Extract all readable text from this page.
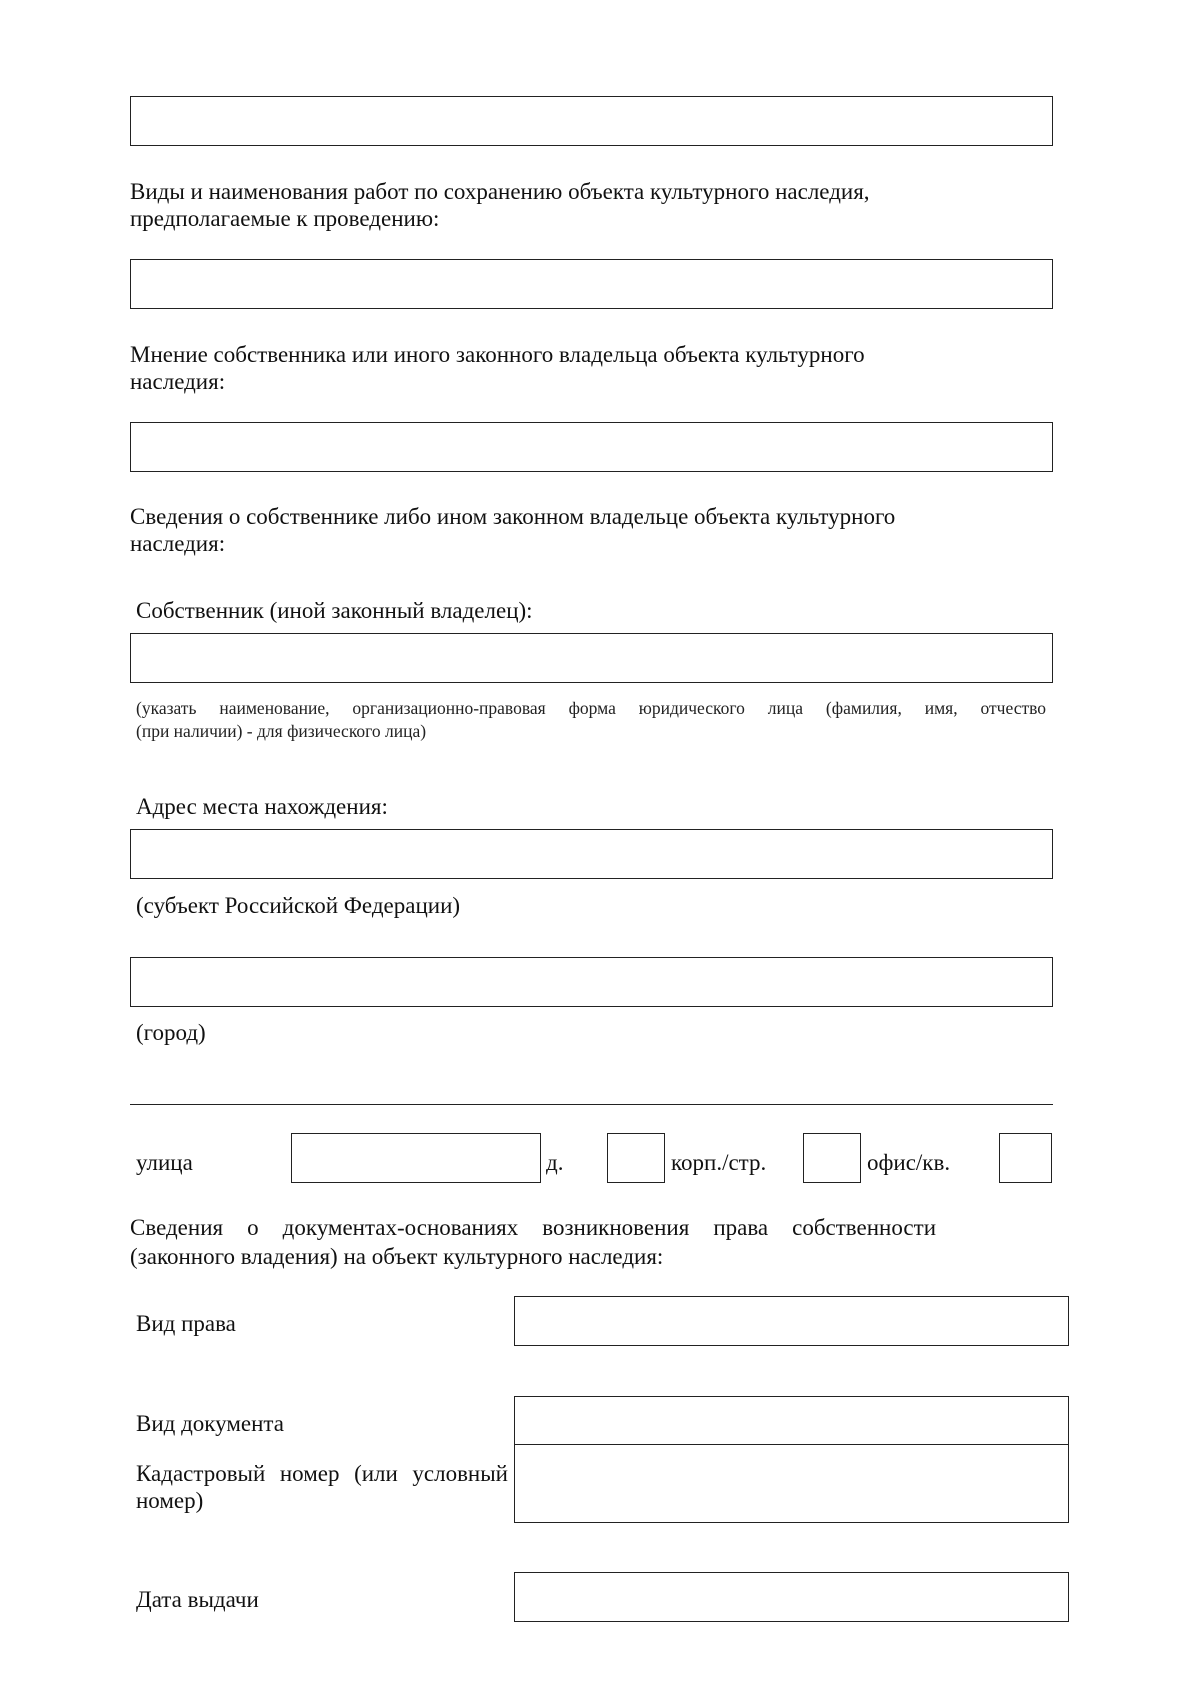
Виды и наименования работ по сохранению объекта культурного наследия,
предполагаемые к проведению:
Мнение собственника или иного законного владельца объекта культурного
наследия:
Сведения о собственнике либо ином законном владельце объекта культурного
наследия:
Собственник (иной законный владелец):
(указать наименование, организационно-правовая форма юридического лица (фамилия, имя, отчество
(при наличии) - для физического лица)
Адрес места нахождения:
(субъект Российской Федерации)
(город)
улица	д.	корп./стр.	офис/кв.
Сведения о документах-основаниях возникновения права собственности
(законного владения) на объект культурного наследия:
Вид права
Вид документа
Кадастровый номер (или условный
номер)
Дата выдачи
